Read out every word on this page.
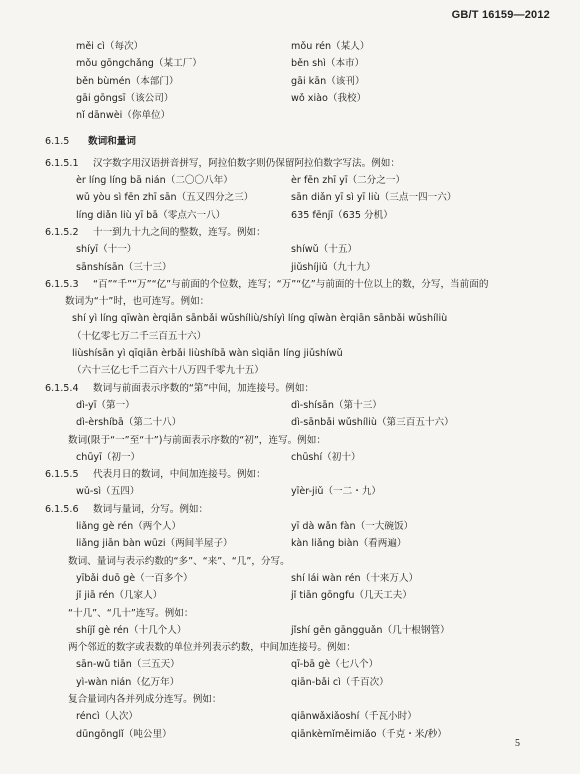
GB/T 16159—2012
měi cì（每次）	mǒu rén（某人）
mǒu gōngchǎng（某工厂）	běn shì（本市）
běn bùmén（本部门）	gāi kān（该刊）
gāi gōngsī（该公司）	wǒ xiào（我校）
nǐ dānwèi（你单位）
6.1.5 数词和量词
6.1.5.1 汉字数字用汉语拼音拼写，阿拉伯数字则仍保留阿拉伯数字写法。例如：
èr líng líng bā nián（二〇〇八年）	èr fēn zhī yī（二分之一）
wǔ yòu sì fēn zhī sān（五又四分之三）	sān diǎn yī sì yī liù（三点一四一六）
líng diǎn liù yī bā（零点六一八）	635 fēnjī（635 分机）
6.1.5.2 十一到九十九之间的整数，连写。例如：
shíyī（十一）	shíwǔ（十五）
sānshísān（三十三）	jiǔshíjiǔ（九十九）
6.1.5.3 “百”“千”“万”“亿”与前面的个位数，连写；“万”“亿”与前面的十位以上的数，分写，当前面的
数词为“十”时，也可连写。例如：
shí yì líng qīwàn èrqiān sānbǎi wǔshíliù/shíyì líng qīwàn èrqiān sānbǎi wǔshíliù
（十亿零七万二千三百五十六）
liùshísān yì qīqiān èrbǎi liùshíbā wàn sìqiān líng jiǔshíwǔ
（六十三亿七千二百六十八万四千零九十五）
6.1.5.4 数词与前面表示序数的“第”中间，加连接号。例如：
dì-yī（第一）	dì-shísān（第十三）
dì-èrshíbā（第二十八）	dì-sānbǎi wǔshíliù（第三百五十六）
数词(限于“一”至“十”)与前面表示序数的“初”，连写。例如：
chūyī（初一）	chūshí（初十）
6.1.5.5 代表月日的数词，中间加连接号。例如：
wǔ-sì（五四）	yīèr-jiǔ（一二・九）
6.1.5.6 数词与量词，分写。例如：
liǎng gè rén（两个人）	yī dà wǎn fàn（一大碗饭）
liǎng jiān bàn wūzi（两间半屋子）	kàn liǎng biàn（看两遍）
数词、量词与表示约数的“多”、“来”、“几”，分写。
yībǎi duō gè（一百多个）	shí lái wàn rén（十来万人）
jǐ jiā rén（几家人）	jǐ tiān gōngfu（几天工夫）
“十几”、“几十”连写。例如：
shíjǐ gè rén（十几个人）	jǐshí gēn gāngguǎn（几十根钢管）
两个邻近的数字或表数的单位并列表示约数，中间加连接号。例如：
sān-wǔ tiān（三五天）	qī-bā gè（七八个）
yì-wàn nián（亿万年）	qiān-bǎi cì（千百次）
复合量词内各并列成分连写。例如：
réncì（人次）	qiānwǎxiǎoshí（千瓦小时）
dūngōnglǐ（吨公里）	qiānkèmǐměimiǎo（千克・米/秒）
5
